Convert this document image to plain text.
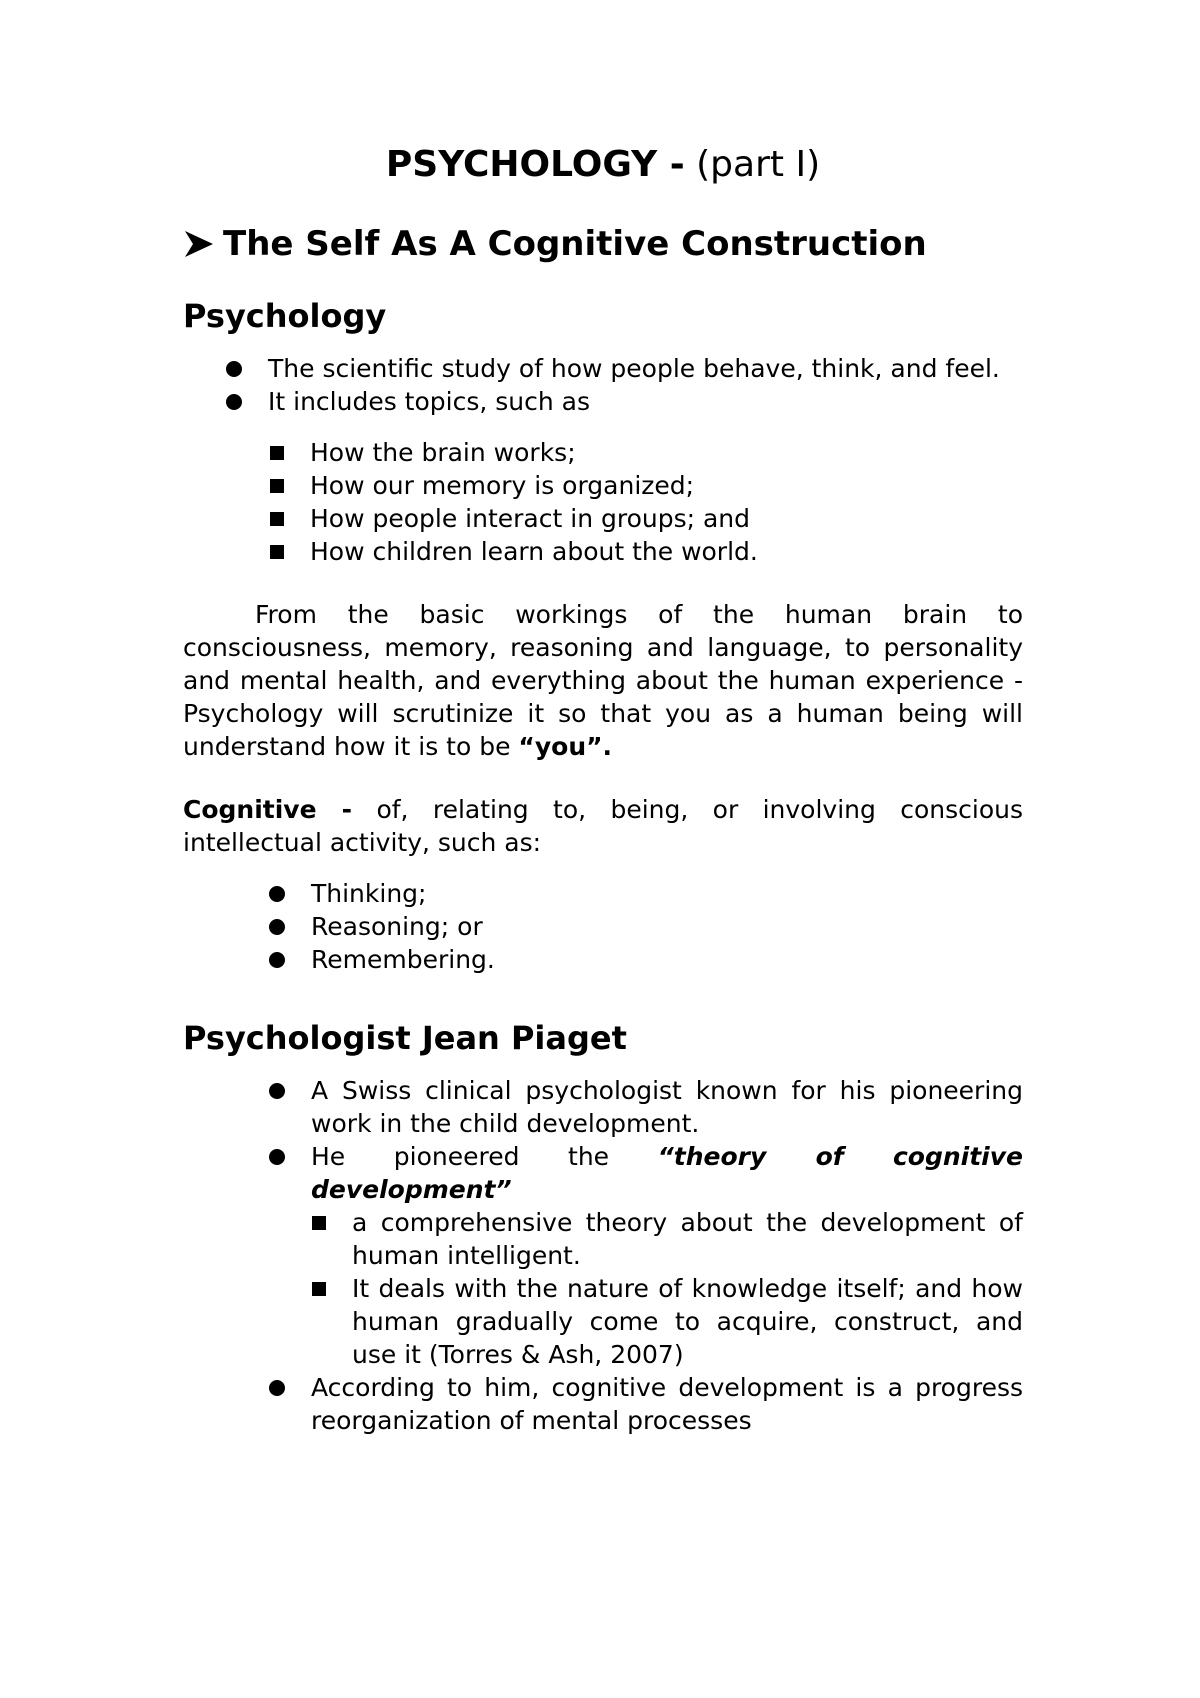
PSYCHOLOGY - (part I)
The Self As A Cognitive Construction
Psychology
The scientific study of how people behave, think, and feel.
It includes topics, such as
How the brain works;
How our memory is organized;
How people interact in groups; and
How children learn about the world.

From the basic workings of the human brain to consciousness, memory, reasoning and language, to personality and mental health, and everything about the human experience - Psychology will scrutinize it so that you as a human being will understand how it is to be “you”.

Cognitive - of, relating to, being, or involving conscious intellectual activity, such as:

Thinking;
Reasoning; or
Remembering.
Psychologist Jean Piaget
A Swiss clinical psychologist known for his pioneering work in the child development.
He pioneered the “theory of cognitive development”
a comprehensive theory about the development of human intelligent.
It deals with the nature of knowledge itself; and how human gradually come to acquire, construct, and use it (Torres & Ash, 2007)
According to him, cognitive development is a progress reorganization of mental processes
